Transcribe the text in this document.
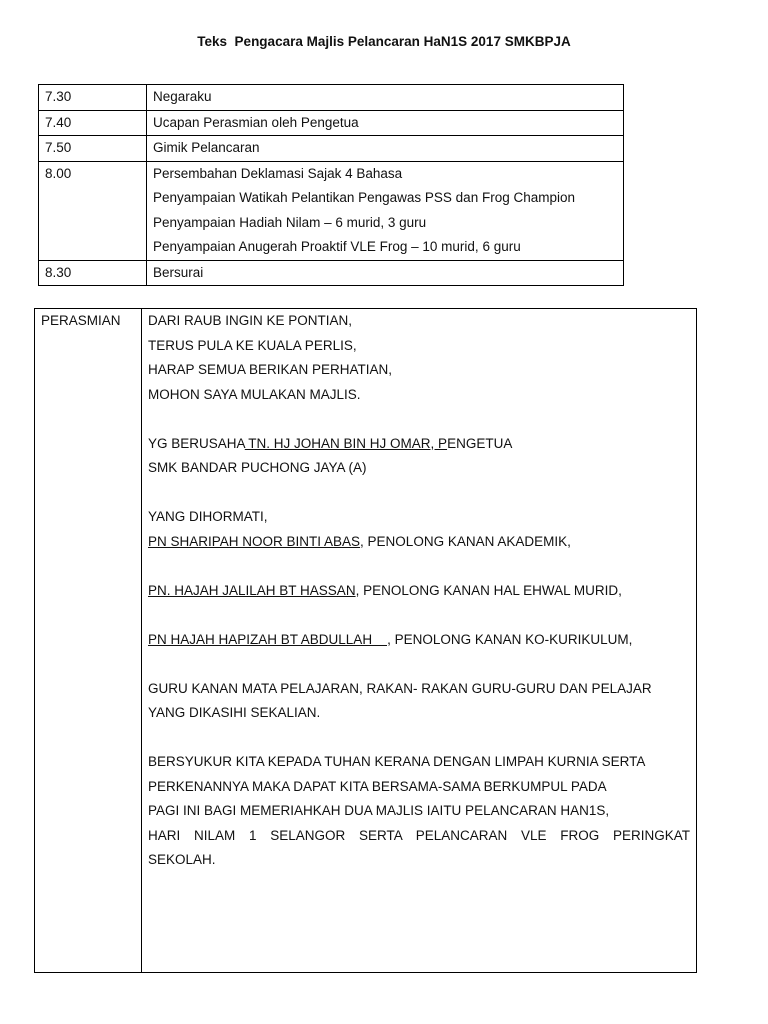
Teks  Pengacara Majlis Pelancaran HaN1S 2017 SMKBPJA
7.30	Negaraku

7.40	Ucapan Perasmian oleh Pengetua

7.50	Gimik Pelancaran

8.00	Persembahan Deklamasi Sajak 4 Bahasa
Penyampaian Watikah Pelantikan Pengawas PSS dan Frog Champion
Penyampaian Hadiah Nilam – 6 murid, 3 guru
Penyampaian Anugerah Proaktif VLE Frog – 10 murid, 6 guru

8.30	Bersurai
PERASMIAN	DARI RAUB INGIN KE PONTIAN,
TERUS PULA KE KUALA PERLIS,
HARAP SEMUA BERIKAN PERHATIAN,
MOHON SAYA MULAKAN MAJLIS.
YG BERUSAHA TN. HJ JOHAN BIN HJ OMAR, PENGETUA
SMK BANDAR PUCHONG JAYA (A)
YANG DIHORMATI,
PN SHARIPAH NOOR BINTI ABAS, PENOLONG KANAN AKADEMIK,
PN. HAJAH JALILAH BT HASSAN, PENOLONG KANAN HAL EHWAL MURID,
PN HAJAH HAPIZAH BT ABDULLAH    , PENOLONG KANAN KO-KURIKULUM,
GURU KANAN MATA PELAJARAN, RAKAN- RAKAN GURU-GURU DAN PELAJAR
YANG DIKASIHI SEKALIAN.
BERSYUKUR KITA KEPADA TUHAN KERANA DENGAN LIMPAH KURNIA SERTA
PERKENANNYA MAKA DAPAT KITA BERSAMA-SAMA BERKUMPUL PADA
PAGI INI BAGI MEMERIAHKAH DUA MAJLIS IAITU PELANCARAN HAN1S,
HARI NILAM 1 SELANGOR SERTA PELANCARAN VLE FROG PERINGKAT
SEKOLAH.
